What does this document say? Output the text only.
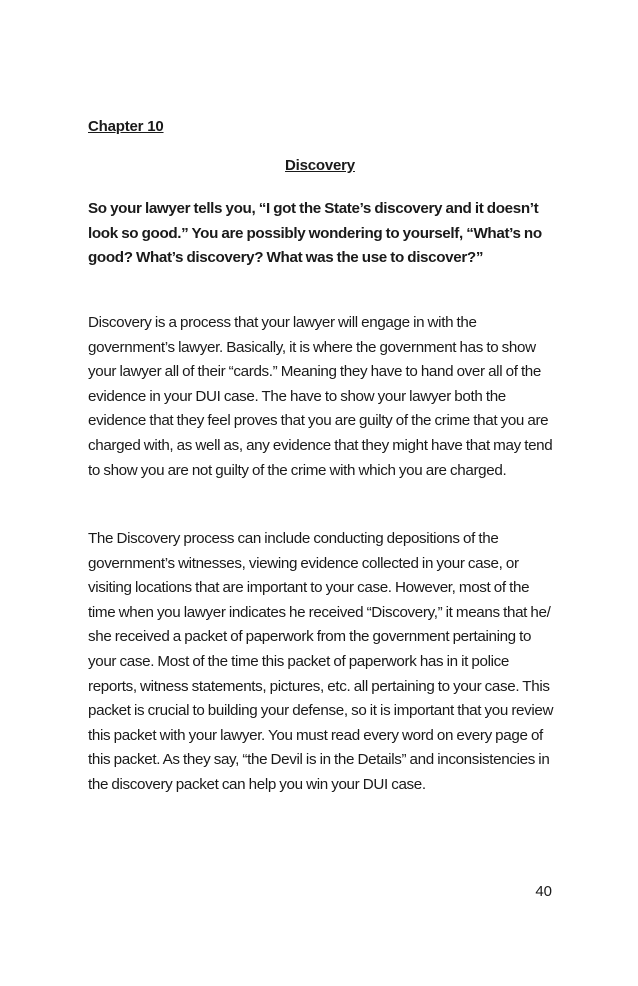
Chapter 10
Discovery
So your lawyer tells you, “I got the State’s discovery and it doesn’t look so good.” You are possibly wondering to yourself, “What’s no good? What’s discovery? What was the use to discover?”
Discovery is a process that your lawyer will engage in with the government’s lawyer. Basically, it is where the government has to show your lawyer all of their “cards.” Meaning they have to hand over all of the evidence in your DUI case. The have to show your lawyer both the evidence that they feel proves that you are guilty of the crime that you are charged with, as well as, any evidence that they might have that may tend to show you are not guilty of the crime with which you are charged.
The Discovery process can include conducting depositions of the government’s witnesses, viewing evidence collected in your case, or visiting locations that are important to your case. However, most of the time when you lawyer indicates he received “Discovery,” it means that he/ she received a packet of paperwork from the government pertaining to your case. Most of the time this packet of paperwork has in it police reports, witness statements, pictures, etc. all pertaining to your case. This packet is crucial to building your defense, so it is important that you review this packet with your lawyer. You must read every word on every page of this packet. As they say, “the Devil is in the Details” and inconsistencies in the discovery packet can help you win your DUI case.
40
